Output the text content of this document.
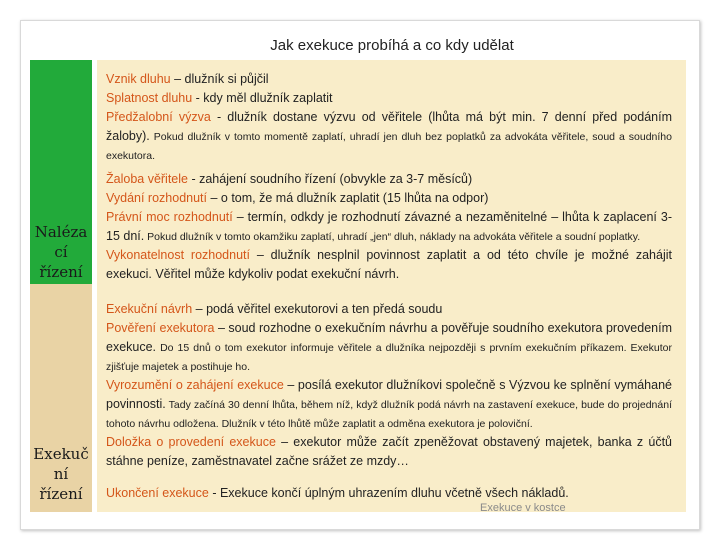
Jak exekuce probíhá a co kdy udělat
Naléza
cí
řízení
Exekuč
ní
řízení
Vznik dluhu – dlužník si půjčil
Splatnost dluhu - kdy měl dlužník zaplatit
Předžalobní výzva - dlužník dostane výzvu od věřitele (lhůta má být min. 7 denní před podáním žaloby). Pokud dlužník v tomto momentě zaplatí, uhradí jen dluh bez poplatků za advokáta věřitele, soud a soudního exekutora.
Žaloba věřitele - zahájení soudního řízení (obvykle za 3-7 měsíců)
Vydání rozhodnutí – o tom, že má dlužník zaplatit (15 lhůta na odpor)
Právní moc rozhodnutí – termín, odkdy je rozhodnutí závazné a nezaměnitelné – lhůta k zaplacení 3-15 dní. Pokud dlužník v tomto okamžiku zaplatí, uhradí „jen“ dluh, náklady na advokáta věřitele a soudní poplatky.
Vykonatelnost rozhodnutí – dlužník nesplnil povinnost zaplatit a od této chvíle je možné zahájit exekuci. Věřitel může kdykoliv podat exekuční návrh.
Exekuční návrh – podá věřitel exekutorovi a ten předá soudu
Pověření exekutora – soud rozhodne o exekučním návrhu a pověřuje soudního exekutora provedením exekuce. Do 15 dnů o tom exekutor informuje věřitele a dlužníka nejpozději s prvním exekučním příkazem. Exekutor zjišťuje majetek a postihuje ho.
Vyrozumění o zahájení exekuce – posílá exekutor dlužníkovi společně s Výzvou ke splnění vymáhané povinnosti. Tady začíná 30 denní lhůta, během níž, když dlužník podá návrh na zastavení exekuce, bude do projednání tohoto návrhu odložena. Dlužník v této lhůtě může zaplatit a odměna exekutora je poloviční.
Doložka o provedení exekuce – exekutor může začít zpeněžovat obstavený majetek, banka z účtů stáhne peníze, zaměstnavatel začne srážet ze mzdy…
Ukončení exekuce - Exekuce končí úplným uhrazením dluhu včetně všech nákladů.
Exekuce v kostce
